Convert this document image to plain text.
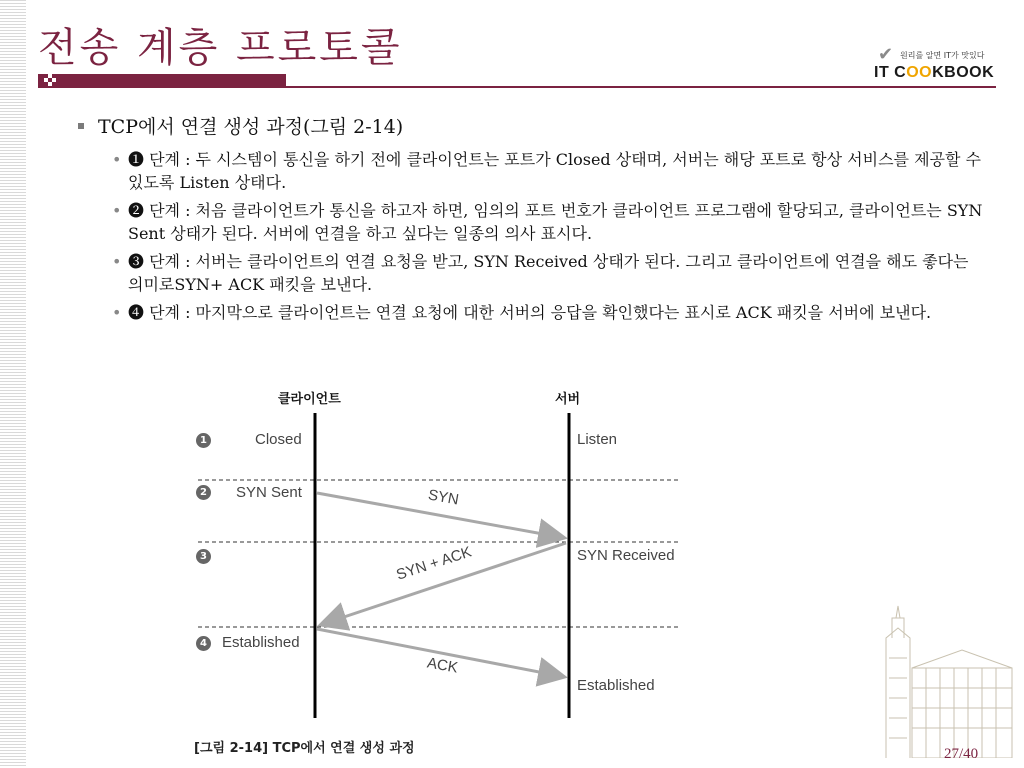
전송 계층 프로토콜	✔ 원리를 알면 IT가 맛있다
IT COOKBOOK
TCP에서 연결 생성 과정(그림 2-14)
• ➊ 단계 : 두 시스템이 통신을 하기 전에 클라이언트는 포트가 Closed 상태며, 서버는 해당 포트로 항상 서비스를 제공할 수 있도록 Listen 상태다.
• ➋ 단계 : 처음 클라이언트가 통신을 하고자 하면, 임의의 포트 번호가 클라이언트 프로그램에 할당되고, 클라이언트는 SYN Sent 상태가 된다. 서버에 연결을 하고 싶다는 일종의 의사 표시다.
• ➌ 단계 : 서버는 클라이언트의 연결 요청을 받고, SYN Received 상태가 된다. 그리고 클라이언트에 연결을 해도 좋다는 의미로SYN+ ACK 패킷을 보낸다.
• ➍ 단계 : 마지막으로 클라이언트는 연결 요청에 대한 서버의 응답을 확인했다는 표시로 ACK 패킷을 서버에 보낸다.
클라이언트	서버
1
2
3
4
Closed
SYN Sent
Established
Listen
SYN Received
Established
SYN
SYN + ACK
ACK
[그림 2-14] TCP에서 연결 생성 과정	27/40
